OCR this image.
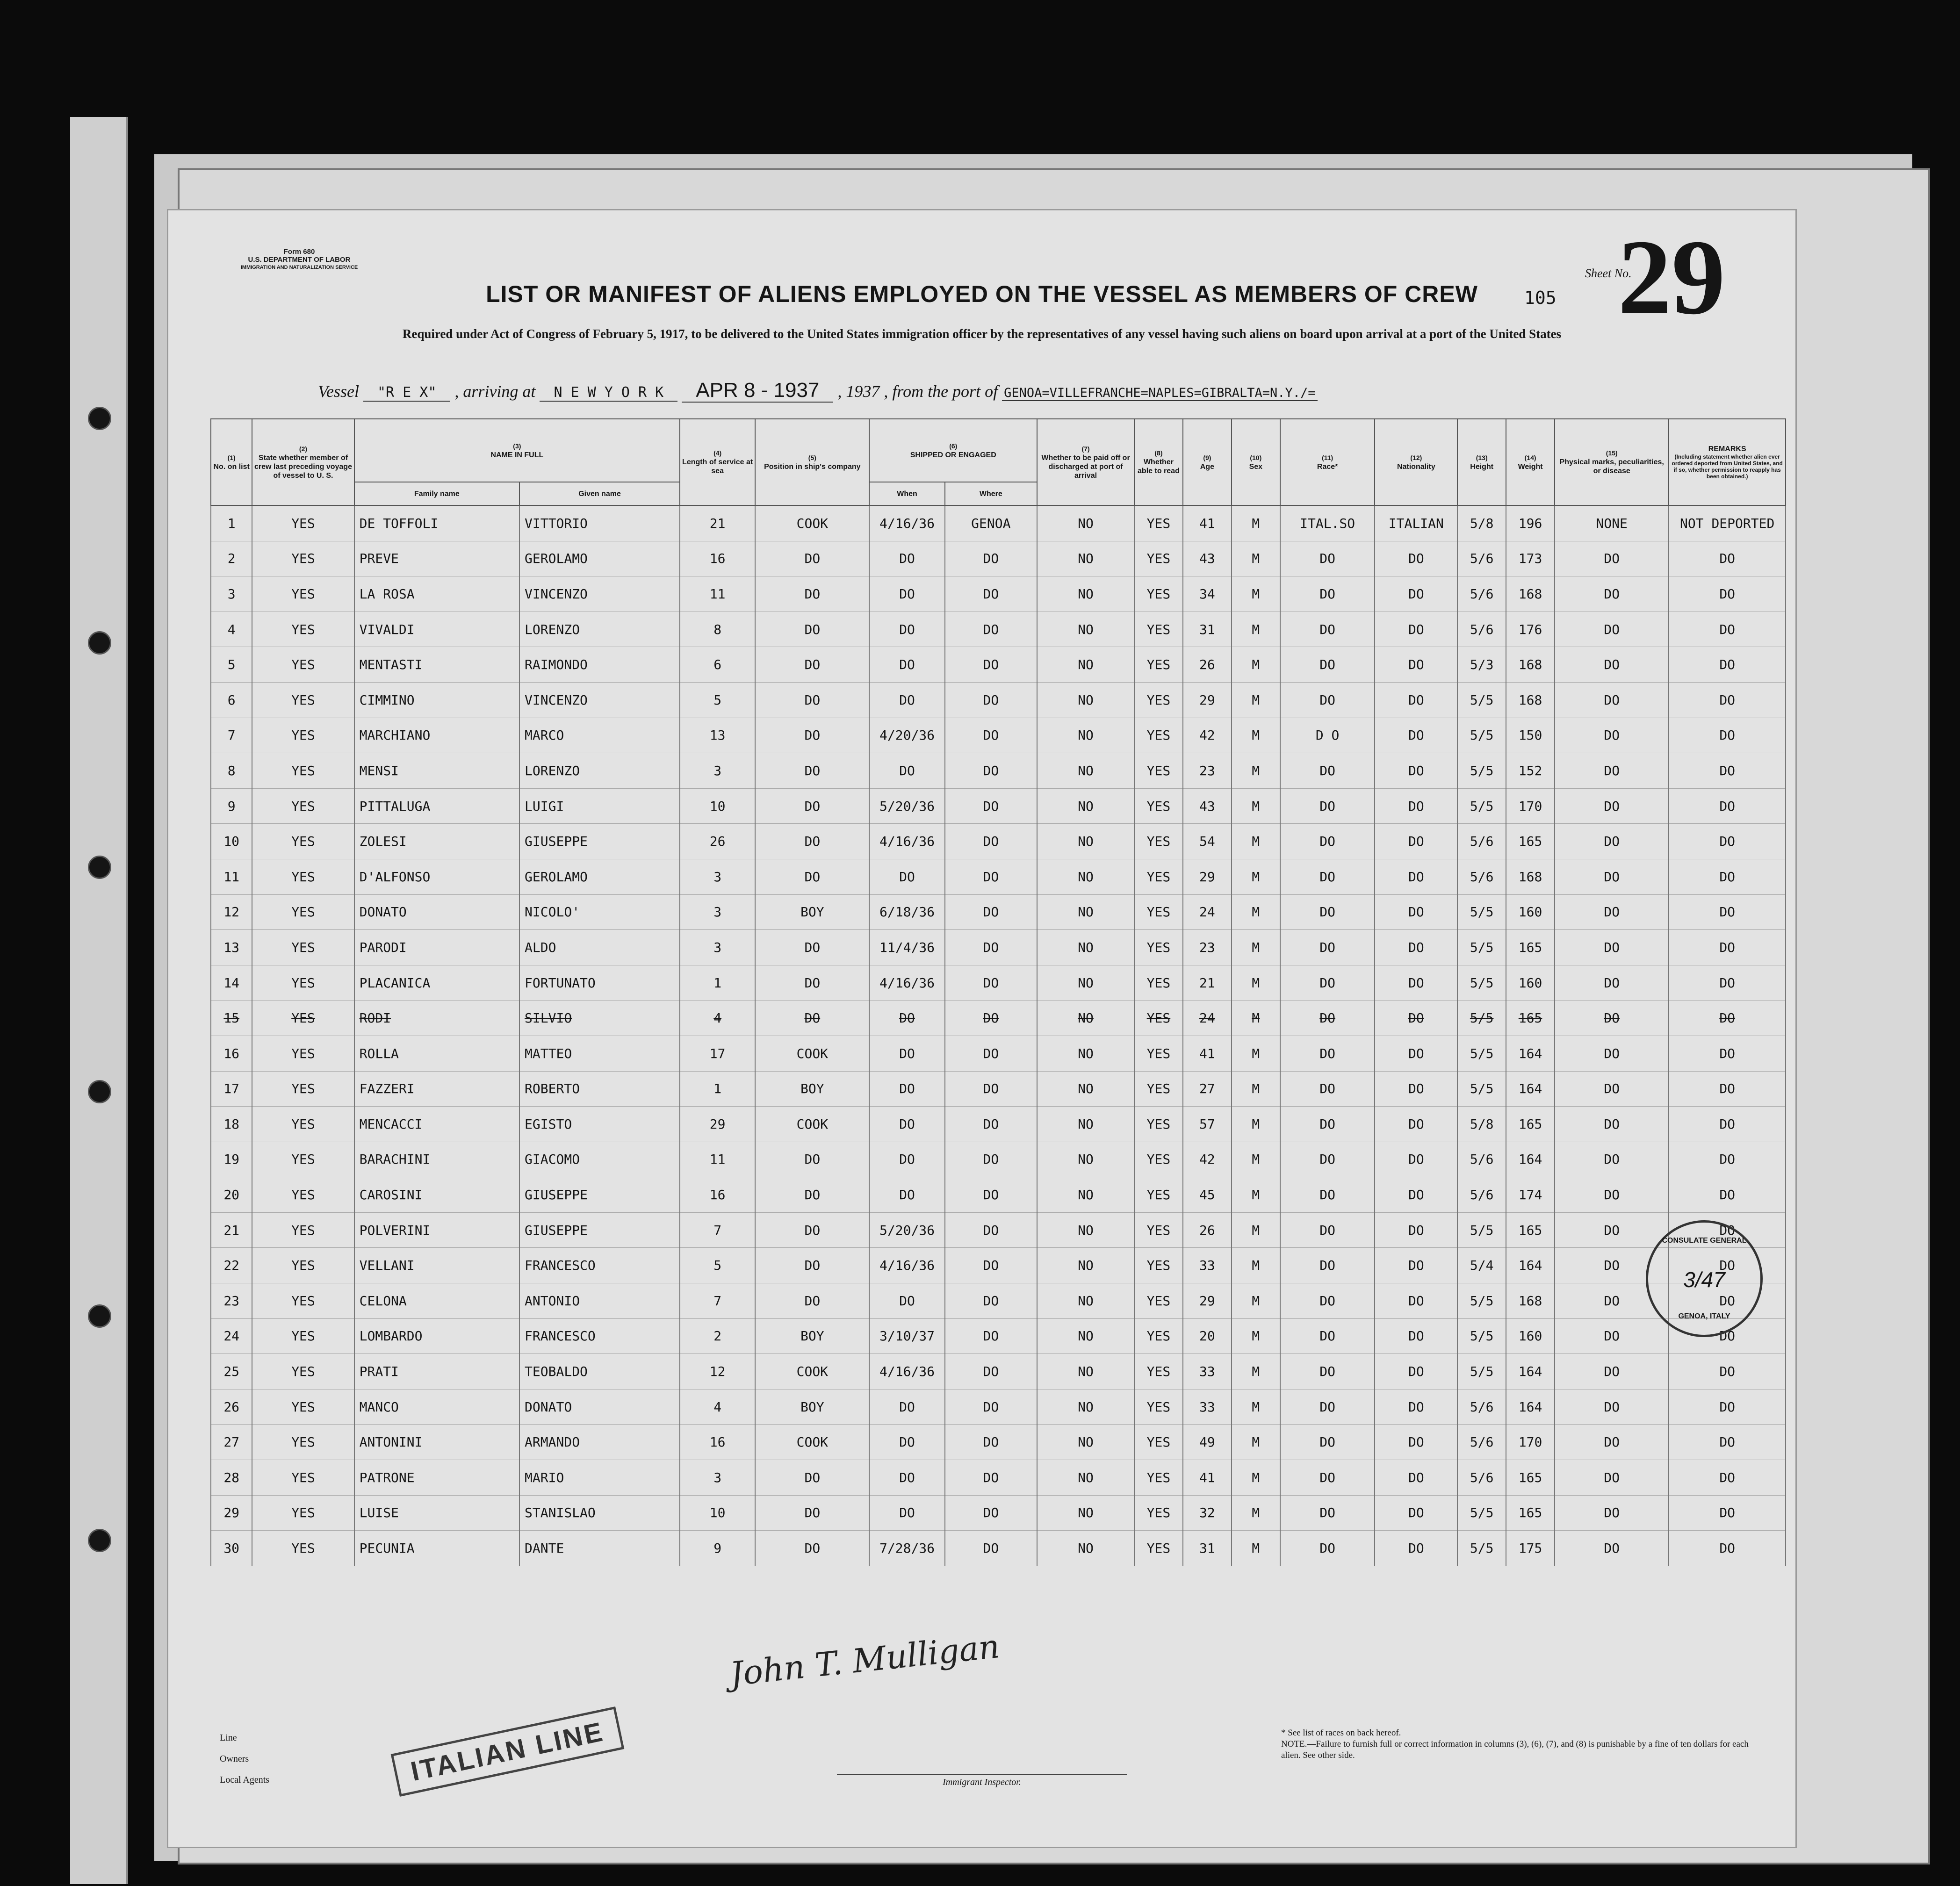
Form 680
U.S. DEPARTMENT OF LABOR
IMMIGRATION AND NATURALIZATION SERVICE
LIST OR MANIFEST OF ALIENS EMPLOYED ON THE VESSEL AS MEMBERS OF CREW
Required under Act of Congress of February 5, 1917, to be delivered to the United States immigration officer by the representatives of any vessel having such aliens on board upon arrival at a port of the United States
Sheet No.
29
105
Vessel "R E X" , arriving at N E W Y O R K APR 8 - 1937 , 1937 , from the port of GENOA=VILLEFRANCHE=NAPLES=GIBRALTA=N.Y./=
(1)
No. on list	(2)
State whether member of crew last preceding voyage of vessel to U. S.	(3)
NAME IN FULL		(4)
Length of service at sea	(5)
Position in ship's company	(6)
SHIPPED OR ENGAGED		(7)
Whether to be paid off or discharged at port of arrival	(8)
Whether able to read	(9)
Age	(10)
Sex	(11)
Race*	(12)
Nationality	(13)
Height	(14)
Weight	(15)
Physical marks, peculiarities, or disease	REMARKS
(Including statement whether alien ever ordered deported from United States, and if so, whether permission to reapply has been obtained.)

		Family name	Given name			When	Where										
1	YES	DE TOFFOLI	VITTORIO	21	COOK	4/16/36	GENOA	NO	YES	41	M	ITAL.SO	ITALIAN	5/8	196	NONE	NOT DEPORTED
2	YES	PREVE	GEROLAMO	16	DO	DO	DO	NO	YES	43	M	DO	DO	5/6	173	DO	DO
3	YES	LA ROSA	VINCENZO	11	DO	DO	DO	NO	YES	34	M	DO	DO	5/6	168	DO	DO
4	YES	VIVALDI	LORENZO	8	DO	DO	DO	NO	YES	31	M	DO	DO	5/6	176	DO	DO
5	YES	MENTASTI	RAIMONDO	6	DO	DO	DO	NO	YES	26	M	DO	DO	5/3	168	DO	DO
6	YES	CIMMINO	VINCENZO	5	DO	DO	DO	NO	YES	29	M	DO	DO	5/5	168	DO	DO
7	YES	MARCHIANO	MARCO	13	DO	4/20/36	DO	NO	YES	42	M	D O	DO	5/5	150	DO	DO
8	YES	MENSI	LORENZO	3	DO	DO	DO	NO	YES	23	M	DO	DO	5/5	152	DO	DO
9	YES	PITTALUGA	LUIGI	10	DO	5/20/36	DO	NO	YES	43	M	DO	DO	5/5	170	DO	DO
10	YES	ZOLESI	GIUSEPPE	26	DO	4/16/36	DO	NO	YES	54	M	DO	DO	5/6	165	DO	DO
11	YES	D'ALFONSO	GEROLAMO	3	DO	DO	DO	NO	YES	29	M	DO	DO	5/6	168	DO	DO
12	YES	DONATO	NICOLO'	3	BOY	6/18/36	DO	NO	YES	24	M	DO	DO	5/5	160	DO	DO
13	YES	PARODI	ALDO	3	DO	11/4/36	DO	NO	YES	23	M	DO	DO	5/5	165	DO	DO
14	YES	PLACANICA	FORTUNATO	1	DO	4/16/36	DO	NO	YES	21	M	DO	DO	5/5	160	DO	DO
15	YES	RODI	SILVIO	4	DO	DO	DO	NO	YES	24	M	DO	DO	5/5	165	DO	DO
16	YES	ROLLA	MATTEO	17	COOK	DO	DO	NO	YES	41	M	DO	DO	5/5	164	DO	DO
17	YES	FAZZERI	ROBERTO	1	BOY	DO	DO	NO	YES	27	M	DO	DO	5/5	164	DO	DO
18	YES	MENCACCI	EGISTO	29	COOK	DO	DO	NO	YES	57	M	DO	DO	5/8	165	DO	DO
19	YES	BARACHINI	GIACOMO	11	DO	DO	DO	NO	YES	42	M	DO	DO	5/6	164	DO	DO
20	YES	CAROSINI	GIUSEPPE	16	DO	DO	DO	NO	YES	45	M	DO	DO	5/6	174	DO	DO
21	YES	POLVERINI	GIUSEPPE	7	DO	5/20/36	DO	NO	YES	26	M	DO	DO	5/5	165	DO	DO
22	YES	VELLANI	FRANCESCO	5	DO	4/16/36	DO	NO	YES	33	M	DO	DO	5/4	164	DO	DO
23	YES	CELONA	ANTONIO	7	DO	DO	DO	NO	YES	29	M	DO	DO	5/5	168	DO	DO
24	YES	LOMBARDO	FRANCESCO	2	BOY	3/10/37	DO	NO	YES	20	M	DO	DO	5/5	160	DO	DO
25	YES	PRATI	TEOBALDO	12	COOK	4/16/36	DO	NO	YES	33	M	DO	DO	5/5	164	DO	DO
26	YES	MANCO	DONATO	4	BOY	DO	DO	NO	YES	33	M	DO	DO	5/6	164	DO	DO
27	YES	ANTONINI	ARMANDO	16	COOK	DO	DO	NO	YES	49	M	DO	DO	5/6	170	DO	DO
28	YES	PATRONE	MARIO	3	DO	DO	DO	NO	YES	41	M	DO	DO	5/6	165	DO	DO
29	YES	LUISE	STANISLAO	10	DO	DO	DO	NO	YES	32	M	DO	DO	5/5	165	DO	DO
30	YES	PECUNIA	DANTE	9	DO	7/28/36	DO	NO	YES	31	M	DO	DO	5/5	175	DO	DO
CONSULATE GENERAL
3/47
GENOA, ITALY
Line
Owners
Local Agents	ITALIAN LINE
John T. Mulligan
Immigrant Inspector.
* See list of races on back hereof.
NOTE.—Failure to furnish full or correct information in columns (3), (6), (7), and (8) is punishable by a fine of ten dollars for each alien. See other side.
